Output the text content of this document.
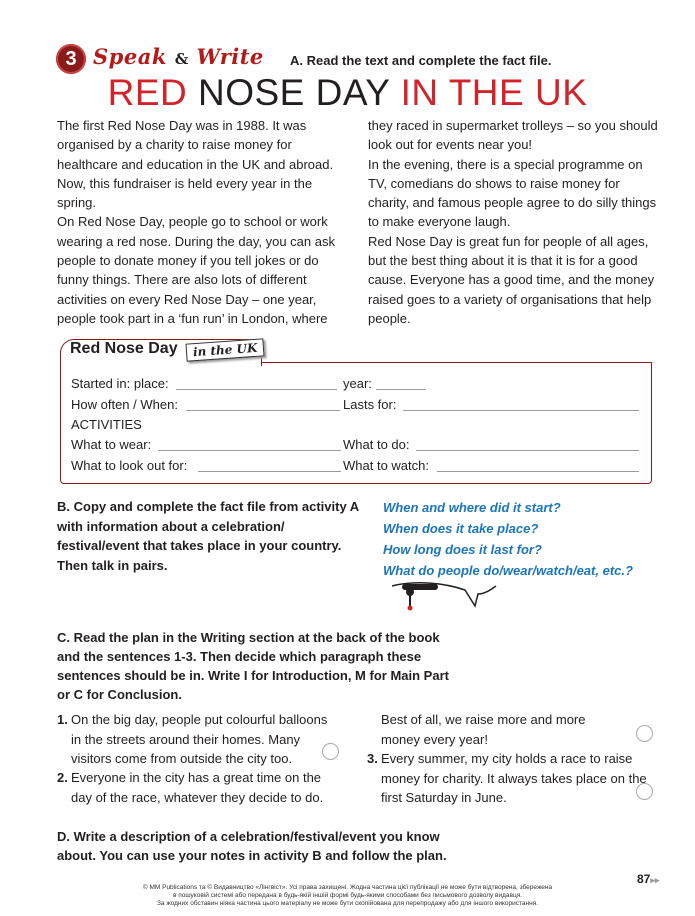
3 Speak & Write A. Read the text and complete the fact file.
RED NOSE DAY IN THE UK

The first Red Nose Day was in 1988. It was organised by a charity to raise money for healthcare and education in the UK and abroad. Now, this fundraiser is held every year in the spring.

On Red Nose Day, people go to school or work wearing a red nose. During the day, you can ask people to donate money if you tell jokes or do funny things. There are also lots of different activities on every Red Nose Day – one year, people took part in a ‘fun run’ in London, where

they raced in supermarket trolleys – so you should look out for events near you!

In the evening, there is a special programme on TV, comedians do shows to raise money for charity, and famous people agree to do silly things to make everyone laugh.

Red Nose Day is great fun for people of all ages, but the best thing about it is that it is for a good cause. Everyone has a good time, and the money raised goes to a variety of organisations that help people.

Red Nose Day	in the UK
Started in: place:	year:
How often / When:	Lasts for:
ACTIVITIES
What to wear:	What to do:
What to look out for:	What to watch:
B. Copy and complete the fact file from activity A with information about a celebration/ festival/event that takes place in your country. Then talk in pairs.
When and where did it start?
When does it take place?
How long does it last for?
What do people do/wear/watch/eat, etc.?
C. Read the plan in the Writing section at the back of the book and the sentences 1-3. Then decide which paragraph these sentences should be in. Write I for Introduction, M for Main Part or C for Conclusion.
1. On the big day, people put colourful balloons in the streets around their homes. Many visitors come from outside the city too.
2. Everyone in the city has a great time on the day of the race, whatever they decide to do.
Best of all, we raise more and more money every year!
3. Every summer, my city holds a race to raise money for charity. It always takes place on the first Saturday in June.
D. Write a description of a celebration/festival/event you know about. You can use your notes in activity B and follow the plan.
87▸▸
© MM Publications та © Видавництво «Лінгвіст». Усі права захищені. Жодна частина цієї публікації не може бути відтворена, збережена
в пошуковій системі або передана в будь-якій іншій формі будь-якими способами без письмового дозволу видавця.
За жодних обставин ніяка частина цього матеріалу не може бути скопійована для перепродажу або для іншого використання.
